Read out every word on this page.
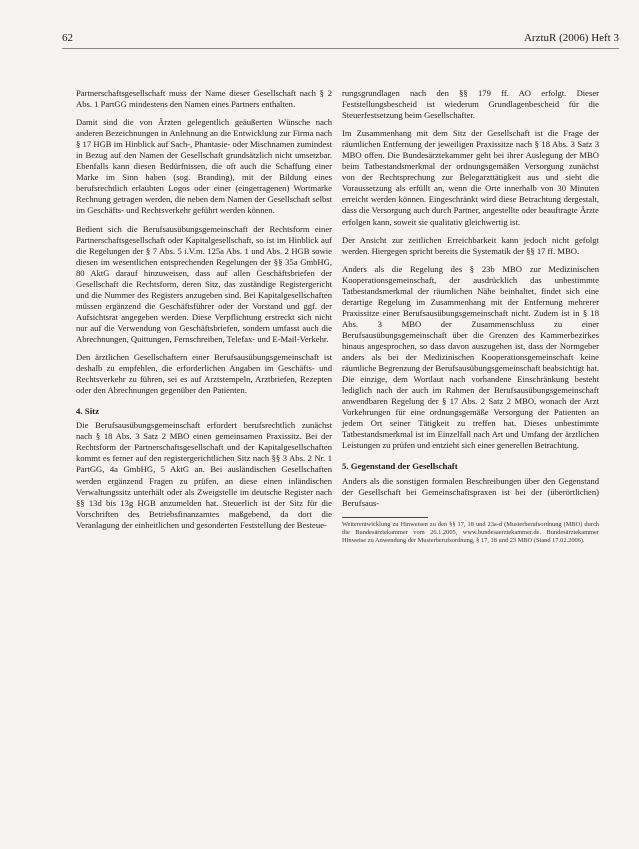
62	ArztuR (2006) Heft 3

Partnerschaftsgesellschaft muss der Name dieser Gesellschaft nach § 2 Abs. 1 PartGG mindestens den Namen eines Partners enthalten.

Damit sind die von Ärzten gelegentlich geäußerten Wünsche nach anderen Bezeichnungen in Anlehnung an die Entwicklung zur Firma nach § 17 HGB im Hinblick auf Sach-, Phantasie- oder Mischnamen zumindest in Bezug auf den Namen der Gesellschaft grundsätzlich nicht umsetzbar. Ebenfalls kann diesen Bedürfnissen, die oft auch die Schaffung einer Marke im Sinn haben (sog. Branding), mit der Bildung eines berufsrechtlich erlaubten Logos oder einer (eingetragenen) Wortmarke Rechnung getragen werden, die neben dem Namen der Gesellschaft selbst im Geschäfts- und Rechtsverkehr geführt werden können.

Bedient sich die Berufsausübungsgemeinschaft der Rechtsform einer Partnerschaftsgesellschaft oder Kapitalgesellschaft, so ist im Hinblick auf die Regelungen der § 7 Abs. 5 i.V.m. 125a Abs. 1 und Abs. 2 HGB sowie diesen im wesentlichen entsprechenden Regelungen der §§ 35a GmbHG, 80 AktG darauf hinzuweisen, dass auf allen Geschäftsbriefen der Gesellschaft die Rechtsform, deren Sitz, das zuständige Registergericht und die Nummer des Registers anzugeben sind. Bei Kapitalgesellschaften müssen ergänzend die Geschäftsführer oder der Vorstand und ggf. der Aufsichtsrat angegeben werden. Diese Verpflichtung erstreckt sich nicht nur auf die Verwendung von Geschäftsbriefen, sondern umfasst auch die Abrechnungen, Quittungen, Fernschreiben, Telefax- und E-Mail-Verkehr.

Den ärztlichen Gesellschaftern einer Berufsausübungsgemeinschaft ist deshalb zu empfehlen, die erforderlichen Angaben im Geschäfts- und Rechtsverkehr zu führen, sei es auf Arztstempeln, Arztbriefen, Rezepten oder den Abrechnungen gegenüber den Patienten.

4. Sitz

Die Berufsausübungsgemeinschaft erfordert berufsrechtlich zunächst nach § 18 Abs. 3 Satz 2 MBO einen gemeinsamen Praxissitz. Bei der Rechtsform der Partnerschaftsgesellschaft und der Kapitalgesellschaften kommt es ferner auf den registergerichtlichen Sitz nach §§ 3 Abs. 2 Nr. 1 PartGG, 4a GmbHG, 5 AktG an. Bei ausländischen Gesellschaften werden ergänzend Fragen zu prüfen, an diese einen inländischen Verwaltungssitz unterhält oder als Zweigstelle im deutsche Register nach §§ 13d bis 13g HGB anzumelden hat. Steuerlich ist der Sitz für die Vorschriften des Betriebsfinanzamtes maßgebend, da dort die Veranlagung der einheitlichen und gesonderten Feststellung der Besteue-

rungsgrundlagen nach den §§ 179 ff. AO erfolgt. Dieser Feststellungsbescheid ist wiederum Grundlagenbescheid für die Steuerfestsetzung beim Gesellschafter.

Im Zusammenhang mit dem Sitz der Gesellschaft ist die Frage der räumlichen Entfernung der jeweiligen Praxissitze nach § 18 Abs. 3 Satz 3 MBO offen. Die Bundesärztekammer geht bei ihrer Auslegung der MBO beim Tatbestandsmerkmal der ordnungsgemäßen Versorgung zunächst von der Rechtsprechung zur Belegarzttätigkeit aus und sieht die Voraussetzung als erfüllt an, wenn die Orte innerhalb von 30 Minuten erreicht werden können. Eingeschränkt wird diese Betrachtung dergestalt, dass die Versorgung auch durch Partner, angestellte oder beauftragte Ärzte erfolgen kann, soweit sie qualitativ gleichwertig ist.

Der Ansicht zur zeitlichen Erreichbarkeit kann jedoch nicht gefolgt werden. Hiergegen spricht bereits die Systematik der §§ 17 ff. MBO.

Anders als die Regelung des § 23b MBO zur Medizinischen Kooperationsgemeinschaft, der ausdrücklich das unbestimmte Tatbestandsmerkmal der räumlichen Nähe beinhaltet, findet sich eine derartige Regelung im Zusammenhang mit der Entfernung mehrerer Praxissitze einer Berufsausübungsgemeinschaft nicht. Zudem ist in § 18 Abs. 3 MBO der Zusammenschluss zu einer Berufsausübungsgemeinschaft über die Grenzen des Kammerbezirkes hinaus angesprochen, so dass davon auszugehen ist, dass der Normgeber anders als bei der Medizinischen Kooperationsgemeinschaft keine räumliche Begrenzung der Berufsausübungsgemeinschaft beabsichtigt hat. Die einzige, dem Wortlaut nach vorhandene Einschränkung besteht lediglich nach der auch im Rahmen der Berufsausübungsgemeinschaft anwendbaren Regelung der § 17 Abs. 2 Satz 2 MBO, wonach der Arzt Vorkehrungen für eine ordnungsgemäße Versorgung der Patienten an jedem Ort seiner Tätigkeit zu treffen hat. Dieses unbestimmte Tatbestandsmerkmal ist im Einzelfall nach Art und Umfang der ärztlichen Leistungen zu prüfen und entzieht sich einer generellen Betrachtung.

5. Gegenstand der Gesellschaft

Anders als die sonstigen formalen Beschreibungen über den Gegenstand der Gesellschaft bei Gemeinschaftspraxen ist bei der (überörtlichen) Berufsaus-

Weiterentwicklung zu Hinweisen zu den §§ 17, 18 und 23a-d (Musterberufsordnung (MBO) durch die Bundesärztekammer vom 26.1.2005, www.bundesaerztekammer.de. Bundesärztekammer Hinweise zu Anwendung der Musterberufsordnung, § 17, 18 und 23 MBO (Stand 17.02.2006).
